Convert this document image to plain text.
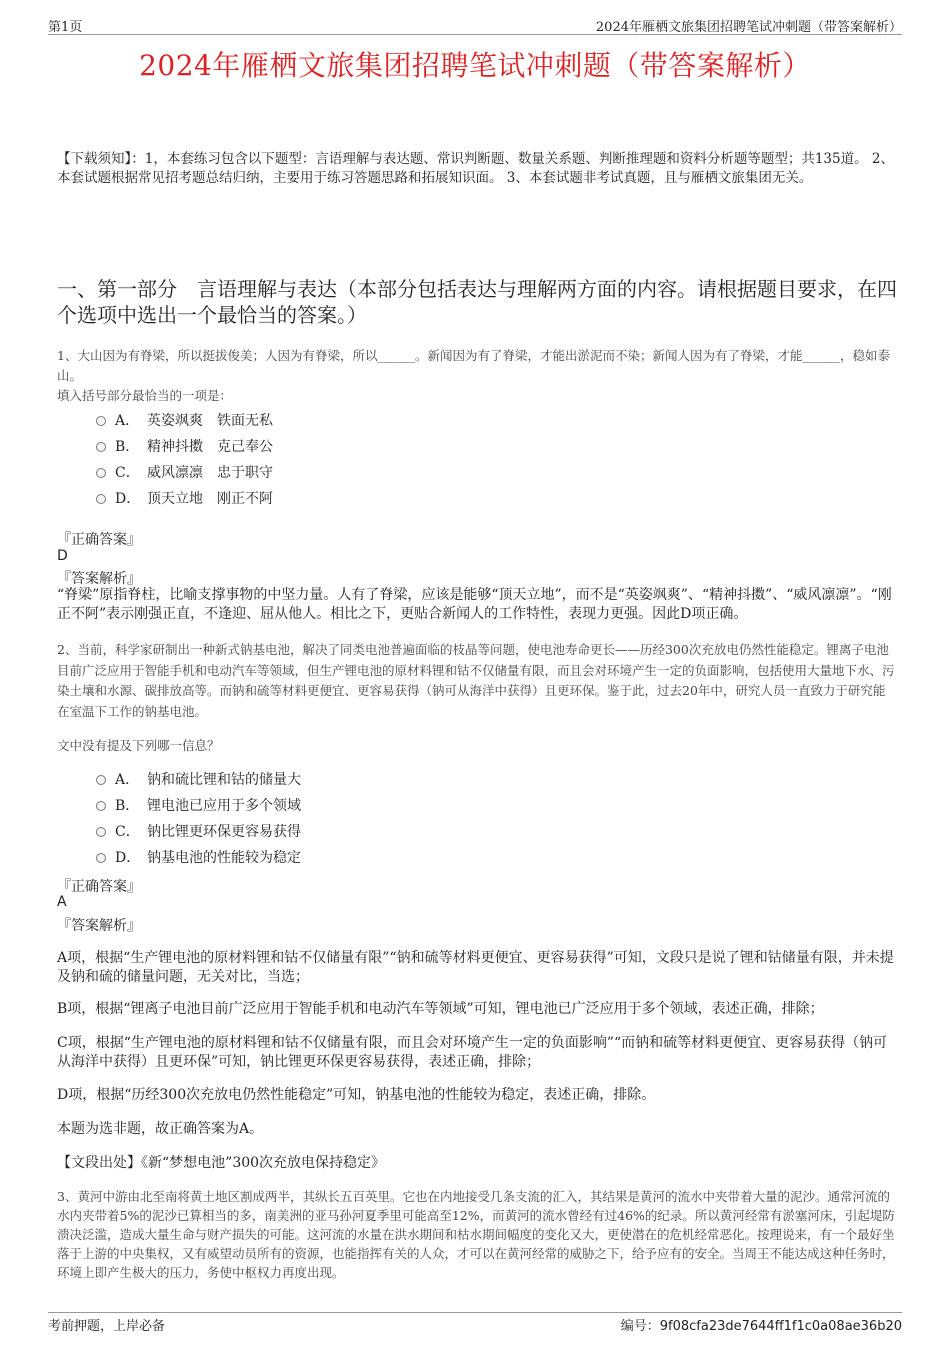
第1页	2024年雁栖文旅集团招聘笔试冲刺题（带答案解析）
2024年雁栖文旅集团招聘笔试冲刺题（带答案解析）
【下载须知】：1，本套练习包含以下题型：言语理解与表达题、常识判断题、数量关系题、判断推理题和资料分析题等题型；共135道。 2、本套试题根据常见招考题总结归纳，主要用于练习答题思路和拓展知识面。 3、本套试题非考试真题，且与雁栖文旅集团无关。
一、第一部分　言语理解与表达（本部分包括表达与理解两方面的内容。请根据题目要求，在四个选项中选出一个最恰当的答案。）

1、大山因为有脊梁，所以挺拔俊美；人因为有脊梁，所以______。新闻因为有了脊梁，才能出淤泥而不染；新闻人因为有了脊梁，才能______，稳如泰山。

填入括号部分最恰当的一项是：

A． 英姿飒爽　铁面无私
B． 精神抖擞　克己奉公
C． 威风凛凛　忠于职守
D． 顶天立地　刚正不阿
『正确答案』
D
『答案解析』
“脊梁”原指脊柱，比喻支撑事物的中坚力量。人有了脊梁，应该是能够“顶天立地”，而不是“英姿飒爽”、“精神抖擞”、“威风凛凛”。“刚正不阿”表示刚强正直，不逢迎、屈从他人。相比之下，更贴合新闻人的工作特性，表现力更强。因此D项正确。
2、当前，科学家研制出一种新式钠基电池，解决了同类电池普遍面临的枝晶等问题，使电池寿命更长——历经300次充放电仍然性能稳定。锂离子电池目前广泛应用于智能手机和电动汽车等领域，但生产锂电池的原材料锂和钴不仅储量有限，而且会对环境产生一定的负面影响，包括使用大量地下水、污染土壤和水源、碳排放高等。而钠和硫等材料更便宜、更容易获得（钠可从海洋中获得）且更环保。鉴于此，过去20年中，研究人员一直致力于研究能在室温下工作的钠基电池。
文中没有提及下列哪一信息？
A． 钠和硫比锂和钴的储量大
B． 锂电池已应用于多个领域
C． 钠比锂更环保更容易获得
D． 钠基电池的性能较为稳定
『正确答案』
A
『答案解析』
A项，根据“生产锂电池的原材料锂和钴不仅储量有限”“钠和硫等材料更便宜、更容易获得”可知，文段只是说了锂和钴储量有限，并未提及钠和硫的储量问题，无关对比，当选；
B项，根据“锂离子电池目前广泛应用于智能手机和电动汽车等领域”可知，锂电池已广泛应用于多个领域，表述正确，排除；
C项，根据“生产锂电池的原材料锂和钴不仅储量有限，而且会对环境产生一定的负面影响”“而钠和硫等材料更便宜、更容易获得（钠可从海洋中获得）且更环保”可知，钠比锂更环保更容易获得，表述正确，排除；
D项，根据“历经300次充放电仍然性能稳定”可知，钠基电池的性能较为稳定，表述正确，排除。
本题为选非题，故正确答案为A。
【文段出处】《新“梦想电池”300次充放电保持稳定》
3、黄河中游由北至南将黄土地区割成两半，其纵长五百英里。它也在内地接受几条支流的汇入，其结果是黄河的流水中夹带着大量的泥沙。通常河流的水内夹带着5%的泥沙已算相当的多，南美洲的亚马孙河夏季里可能高至12%，而黄河的流水曾经有过46%的纪录。所以黄河经常有淤塞河床，引起堤防溃决泛滥，造成大量生命与财产损失的可能。这河流的水量在洪水期间和枯水期间幅度的变化又大，更使潜在的危机经常恶化。按理说来，有一个最好坐落于上游的中央集权，又有威望动员所有的资源，也能指挥有关的人众，才可以在黄河经常的威胁之下，给予应有的安全。当周王不能达成这种任务时，环境上即产生极大的压力，务使中枢权力再度出现。
考前押题，上岸必备	编号：9f08cfa23de7644ff1f1c0a08ae36b20
